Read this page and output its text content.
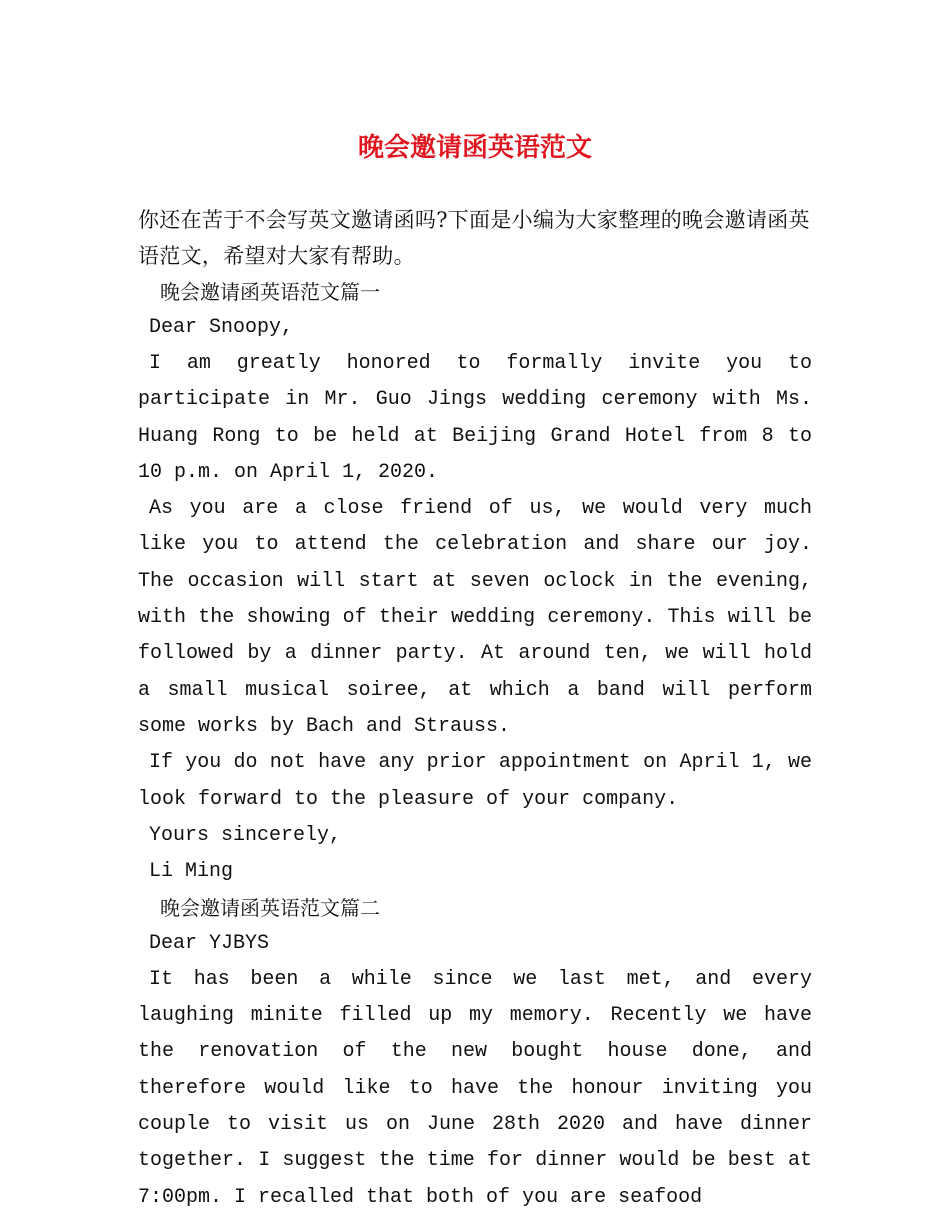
晚会邀请函英语范文

你还在苦于不会写英文邀请函吗?下面是小编为大家整理的晚会邀请函英语范文，希望对大家有帮助。

晚会邀请函英语范文篇一

Dear Snoopy,

I am greatly honored to formally invite you to participate in Mr. Guo Jings wedding ceremony with Ms. Huang Rong to be held at Beijing Grand Hotel from 8 to 10 p.m. on April 1, 2020.

As you are a close friend of us, we would very much like you to attend the celebration and share our joy. The occasion will start at seven oclock in the evening, with the showing of their wedding ceremony. This will be followed by a dinner party. At around ten, we will hold a small musical soiree, at which a band will perform some works by Bach and Strauss.

If you do not have any prior appointment on April 1, we look forward to the pleasure of your company.

Yours sincerely,

Li Ming

晚会邀请函英语范文篇二

Dear YJBYS

It has been a while since we last met, and every laughing minite filled up my memory. Recently we have the renovation of the new bought house done, and therefore would like to have the honour inviting you couple to visit us on June 28th 2020 and have dinner together. I suggest the time for dinner would be best at 7:00pm. I recalled that both of you are seafood
